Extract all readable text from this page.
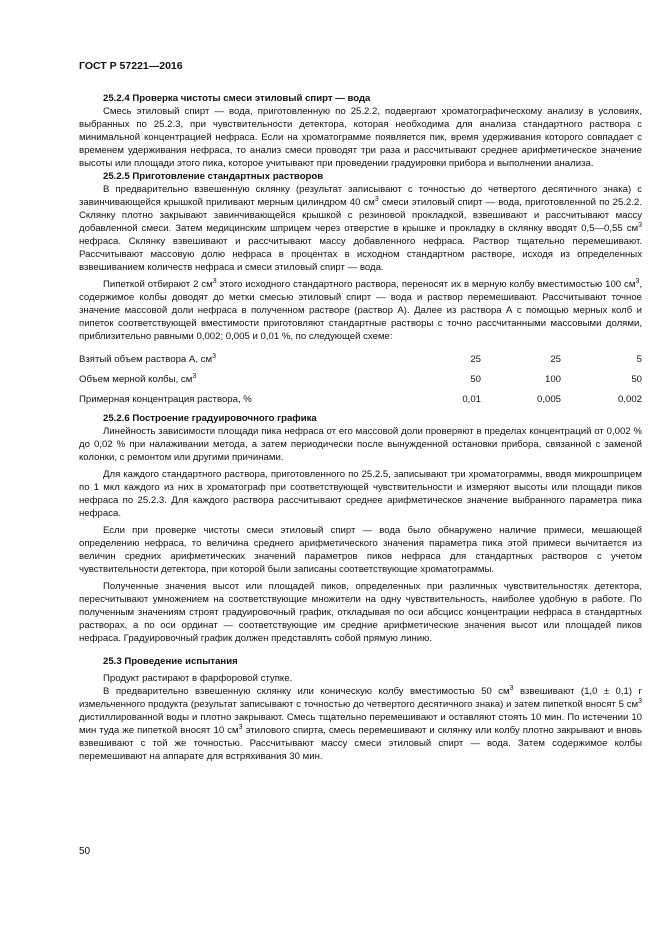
ГОСТ Р 57221—2016
25.2.4 Проверка чистоты смеси этиловый спирт — вода

Смесь этиловый спирт — вода, приготовленную по 25.2.2, подвергают хроматографическому анализу в условиях, выбранных по 25.2.3, при чувствительности детектора, которая необходима для анализа стандартного раствора с минимальной концентрацией нефраса. Если на хроматограмме появляется пик, время удерживания которого совпадает с временем удерживания нефраса, то анализ смеси проводят три раза и рассчитывают среднее арифметическое значение высоты или площади этого пика, которое учитывают при проведении градуировки прибора и выполнении анализа.

25.2.5 Приготовление стандартных растворов

В предварительно взвешенную склянку (результат записывают с точностью до четвертого десятичного знака) с завинчивающейся крышкой приливают мерным цилиндром 40 $см^3$ смеси этиловый спирт — вода, приготовленной по 25.2.2. Склянку плотно закрывают завинчивающейся крышкой с резиновой прокладкой, взвешивают и рассчитывают массу добавленной смеси. Затем медицинским шприцем через отверстие в крышке и прокладку в склянку вводят 0,5—0,55 $см^3$ нефраса. Склянку взвешивают и рассчитывают массу добавленного нефраса. Раствор тщательно перемешивают. Рассчитывают массовую долю нефраса в процентах в исходном стандартном растворе, исходя из определенных взвешиванием количеств нефраса и смеси этиловый спирт — вода.

Пипеткой отбирают 2 $см^3$ этого исходного стандартного раствора, переносят их в мерную колбу вместимостью 100 $см^3$, содержимое колбы доводят до метки смесью этиловый спирт — вода и раствор перемешивают. Рассчитывают точное значение массовой доли нефраса в полученном растворе (раствор А). Далее из раствора А с помощью мерных колб и пипеток соответствующей вместимости приготовляют стандартные растворы с точно рассчитанными массовыми долями, приблизительно равными 0,002; 0,005 и 0,01 %, по следующей схеме:

Взятый объем раствора А, $см^3$	25	25	5
Объем мерной колбы, $см^3$	50	100	50
Примерная концентрация раствора, %	0,01	0,005	0,002
25.2.6 Построение градуировочного графика

Линейность зависимости площади пика нефраса от его массовой доли проверяют в пределах концентраций от 0,002 % до 0,02 % при налаживании метода, а затем периодически после вынужденной остановки прибора, связанной с заменой колонки, с ремонтом или другими причинами.

Для каждого стандартного раствора, приготовленного по 25.2.5, записывают три хроматограммы, вводя микрошприцем по 1 мкл каждого из них в хроматограф при соответствующей чувствительности и измеряют высоты или площади пиков нефраса по 25.2.3. Для каждого раствора рассчитывают среднее арифметическое значение выбранного параметра пика нефраса.

Если при проверке чистоты смеси этиловый спирт — вода было обнаружено наличие примеси, мешающей определению нефраса, то величина среднего арифметического значения параметра пика этой примеси вычитается из величин средних арифметических значений параметров пиков нефраса для стандартных растворов с учетом чувствительности детектора, при которой были записаны соответствующие хроматограммы.

Полученные значения высот или площадей пиков, определенных при различных чувствительностях детектора, пересчитывают умножением на соответствующие множители на одну чувствительность, наиболее удобную в работе. По полученным значениям строят градуировочный график, откладывая по оси абсцисс концентрации нефраса в стандартных растворах, а по оси ординат — соответствующие им средние арифметические значения высот или площадей пиков нефраса. Градуировочный график должен представлять собой прямую линию.

25.3 Проведение испытания

Продукт растирают в фарфоровой ступке.

В предварительно взвешенную склянку или коническую колбу вместимостью 50 $см^3$ взвешивают (1,0 ± 0,1) г измельченного продукта (результат записывают с точностью до четвертого десятичного знака) и затем пипеткой вносят 5 $см^3$ дистиллированной воды и плотно закрывают. Смесь тщательно перемешивают и оставляют стоять 10 мин. По истечении 10 мин туда же пипеткой вносят 10 $см^3$ этилового спирта, смесь перемешивают и склянку или колбу плотно закрывают и вновь взвешивают с той же точностью. Рассчитывают массу смеси этиловый спирт — вода. Затем содержимое колбы перемешивают на аппарате для встряхивания 30 мин.

50
